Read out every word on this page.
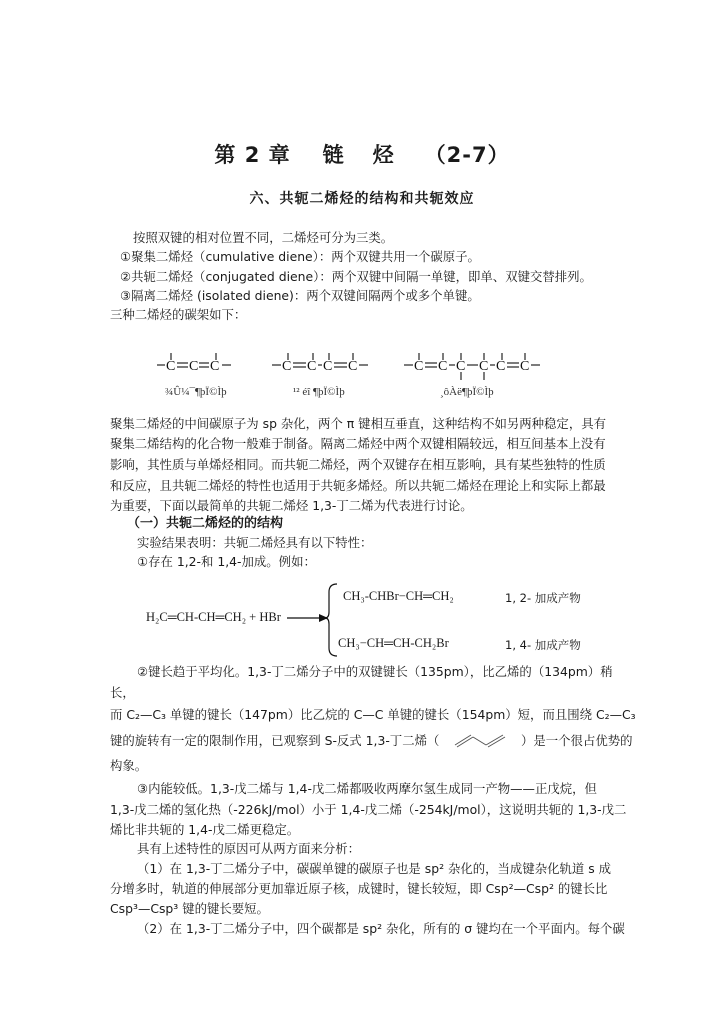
第 2 章 链 烃 （2-7）
六、共轭二烯烃的结构和共轭效应
按照双键的相对位置不同，二烯烃可分为三类。
①聚集二烯烃（cumulative diene）：两个双键共用一个碳原子。
②共轭二烯烃（conjugated diene）：两个双键中间隔一单键，即单、双键交替排列。
③隔离二烯烃 (isolated diene)：两个双键间隔两个或多个单键。
三种二烯烃的碳架如下：
C C C	C C C C	C C C C C C
¾Û¼¯¶þÏ©Ìþ	¹² éî ¶þÏ©Ìþ	¸ôÀë¶þÏ©Ìþ
聚集二烯烃的中间碳原子为 sp 杂化，两个 π 键相互垂直，这种结构不如另两种稳定，具有
聚集二烯结构的化合物一般难于制备。隔离二烯烃中两个双键相隔较远，相互间基本上没有
影响，其性质与单烯烃相同。而共轭二烯烃，两个双键存在相互影响，具有某些独特的性质
和反应，且共轭二烯烃的特性也适用于共轭多烯烃。所以共轭二烯烃在理论上和实际上都最
为重要，下面以最简单的共轭二烯烃 1,3-丁二烯为代表进行讨论。
（一）共轭二烯烃的的结构
实验结果表明：共轭二烯烃具有以下特性：
①存在 1,2-和 1,4-加成。例如：
H₂C═CH-CH═CH₂ + HBr
CH₃-CHBr−CH═CH₂	1, 2- 加成产物
CH₃−CH═CH-CH₂Br	1, 4- 加成产物
②键长趋于平均化。1,3-丁二烯分子中的双键键长（135pm），比乙烯的（134pm）稍
长，
而 C₂—C₃ 单键的键长（147pm）比乙烷的 C—C 单键的键长（154pm）短，而且围绕 C₂—C₃
键的旋转有一定的限制作用，已观察到 S-反式 1,3-丁二烯（	）是一个很占优势的
构象。
③内能较低。1,3-戊二烯与 1,4-戊二烯都吸收两摩尔氢生成同一产物——正戊烷，但
1,3-戊二烯的氢化热（-226kJ/mol）小于 1,4-戊二烯（-254kJ/mol），这说明共轭的 1,3-戊二
烯比非共轭的 1,4-戊二烯更稳定。
具有上述特性的原因可从两方面来分析：
（1）在 1,3-丁二烯分子中，碳碳单键的碳原子也是 sp² 杂化的，当成键杂化轨道 s 成
分增多时，轨道的伸展部分更加靠近原子核，成键时，键长较短，即 Csp²—Csp² 的键长比
Csp³—Csp³ 键的键长要短。
（2）在 1,3-丁二烯分子中，四个碳都是 sp² 杂化，所有的 σ 键均在一个平面内。每个碳
